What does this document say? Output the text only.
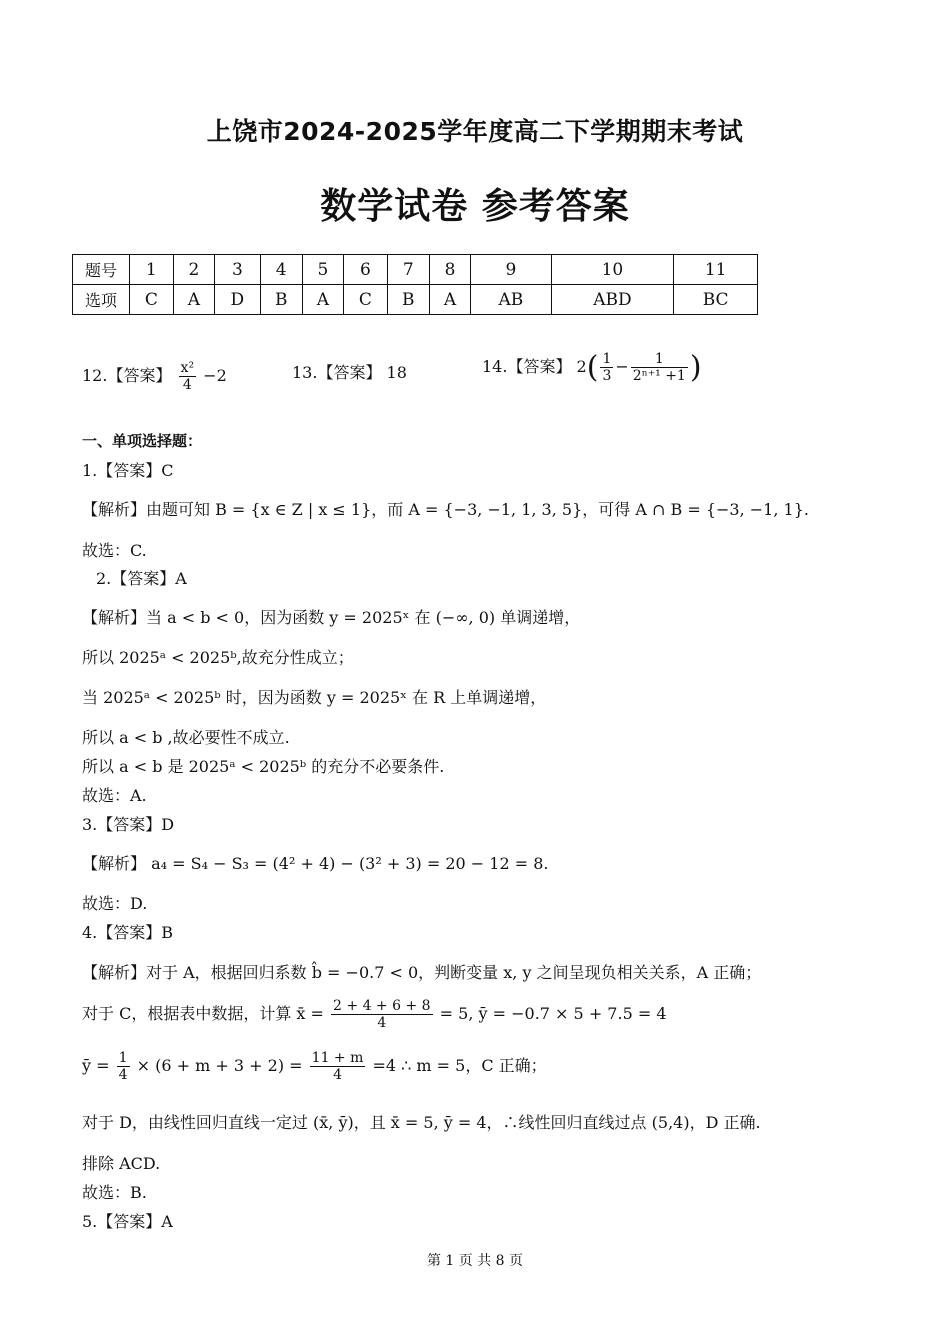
上饶市2024-2025学年度高二下学期期末考试
数学试卷 参考答案
题号	1	2	3	4	5	6	7	8	9	10	11
选项	C	A	D	B	A	C	B	A	AB	ABD	BC
12.【答案】 $\frac{\text{x²}}{4} -2$	13.【答案】 18	14.【答案】 $2( \frac{1}{3} - \frac{1}{\text{2ⁿ⁺¹ +1}}$ )
一、单项选择题：
1.【答案】C
【解析】由题可知 B = {x ∈ Z | x ≤ 1}，而 A = {−3, −1, 1, 3, 5}，可得 A ∩ B = {−3, −1, 1}.
故选：C.
2.【答案】A
【解析】当 a < b < 0，因为函数 y = 2025ˣ 在 (−∞, 0) 单调递增，
所以 2025ᵃ < 2025ᵇ,故充分性成立；
当 2025ᵃ < 2025ᵇ 时，因为函数 y = 2025ˣ 在 R 上单调递增，
所以 a < b ,故必要性不成立.
所以 a < b 是 2025ᵃ < 2025ᵇ 的充分不必要条件.
故选：A.
3.【答案】D
【解析】 a₄ = S₄ − S₃ = (4² + 4) − (3² + 3) = 20 − 12 = 8.
故选：D.
4.【答案】B
【解析】对于 A，根据回归系数 b̂ = −0.7 < 0，判断变量 x, y 之间呈现负相关关系，A 正确；
对于 C，根据表中数据，计算 x̄ = $\frac{2 + 4 + 6 + 8}{4} = 5$, ȳ = −0.7 × 5 + 7.5 = 4
ȳ = $\frac{1}{4} \times (6 + m + 3 + 2) = \frac{11 + m}{4} =4$ ∴ m = 5，C 正确；
对于 D，由线性回归直线一定过 (x̄, ȳ)，且 x̄ = 5, ȳ = 4，∴线性回归直线过点 (5,4)，D 正确.
排除 ACD.
故选：B.
5.【答案】A
第 1 页 共 8 页
